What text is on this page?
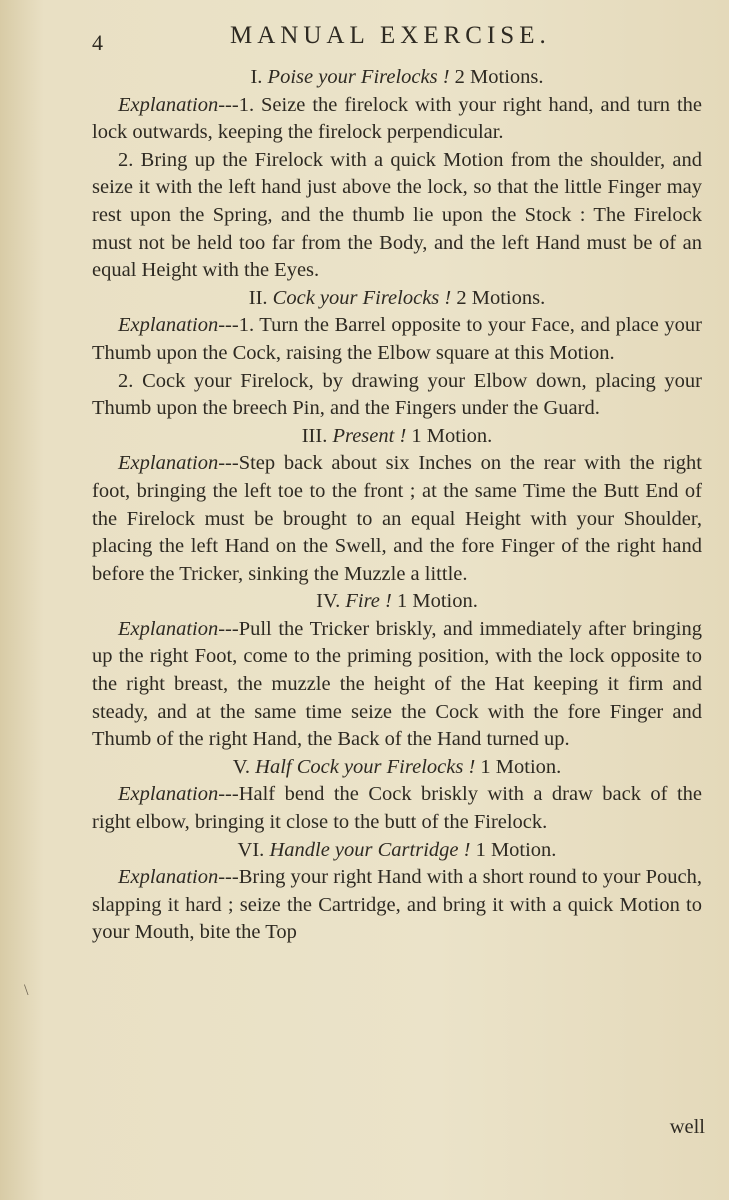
4	MANUAL EXERCISE.

I. Poise your Firelocks ! 2 Motions.

Explanation---1. Seize the firelock with your right hand, and turn the lock outwards, keeping the firelock perpendicular.

2. Bring up the Firelock with a quick Motion from the shoulder, and seize it with the left hand just above the lock, so that the little Finger may rest upon the Spring, and the thumb lie upon the Stock : The Firelock must not be held too far from the Body, and the left Hand must be of an equal Height with the Eyes.

II. Cock your Firelocks ! 2 Motions.

Explanation---1. Turn the Barrel opposite to your Face, and place your Thumb upon the Cock, raising the Elbow square at this Motion.

2. Cock your Firelock, by drawing your Elbow down, placing your Thumb upon the breech Pin, and the Fingers under the Guard.

III. Present ! 1 Motion.

Explanation---Step back about six Inches on the rear with the right foot, bringing the left toe to the front ; at the same Time the Butt End of the Firelock must be brought to an equal Height with your Shoulder, placing the left Hand on the Swell, and the fore Finger of the right hand before the Tricker, sinking the Muzzle a little.

IV. Fire ! 1 Motion.

Explanation---Pull the Tricker briskly, and immediately after bringing up the right Foot, come to the priming position, with the lock opposite to the right breast, the muzzle the height of the Hat keeping it firm and steady, and at the same time seize the Cock with the fore Finger and Thumb of the right Hand, the Back of the Hand turned up.

V. Half Cock your Firelocks ! 1 Motion.

Explanation---Half bend the Cock briskly with a draw back of the right elbow, bringing it close to the butt of the Firelock.

VI. Handle your Cartridge ! 1 Motion.

Explanation---Bring your right Hand with a short round to your Pouch, slapping it hard ; seize the Cartridge, and bring it with a quick Motion to your Mouth, bite the Top

well
\
